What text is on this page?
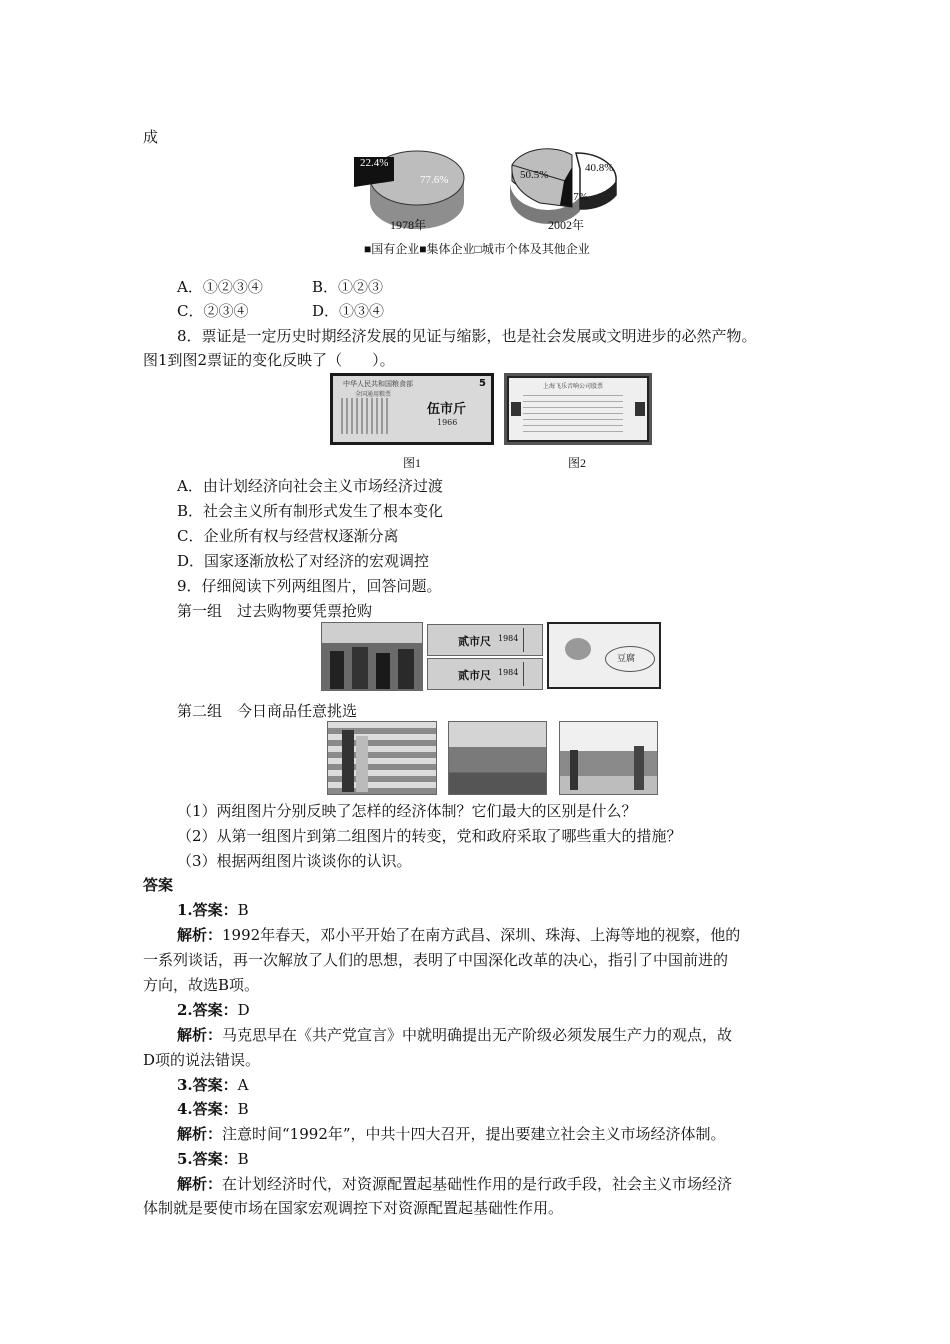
成
22.4%
77.6%
1978年
50.5%
8.7%
40.8%
2002年
■国有企业■集体企业□城市个体及其他企业
A．①②③④	B．①②③
C．②③④	D．①③④
8．票证是一定历史时期经济发展的见证与缩影，也是社会发展或文明进步的必然产物。
图1到图2票证的变化反映了（　　）。
中华人民共和国粮食部
全国通用粮票
5
伍市斤
1966
上海飞乐音响公司股票
图1	图2
A．由计划经济向社会主义市场经济过渡
B．社会主义所有制形式发生了根本变化
C．企业所有权与经营权逐渐分离
D．国家逐渐放松了对经济的宏观调控
9．仔细阅读下列两组图片，回答问题。
第一组　过去购物要凭票抢购
贰市尺 1984
贰市尺 1984
豆腐
第二组　今日商品任意挑选
（1）两组图片分别反映了怎样的经济体制？它们最大的区别是什么？
（2）从第一组图片到第二组图片的转变，党和政府采取了哪些重大的措施？
（3）根据两组图片谈谈你的认识。
答案
1.答案：B
解析：1992年春天，邓小平开始了在南方武昌、深圳、珠海、上海等地的视察，他的
一系列谈话，再一次解放了人们的思想，表明了中国深化改革的决心，指引了中国前进的
方向，故选B项。
2.答案：D
解析：马克思早在《共产党宣言》中就明确提出无产阶级必须发展生产力的观点，故
D项的说法错误。
3.答案：A
4.答案：B
解析：注意时间“1992年”，中共十四大召开，提出要建立社会主义市场经济体制。
5.答案：B
解析：在计划经济时代，对资源配置起基础性作用的是行政手段，社会主义市场经济
体制就是要使市场在国家宏观调控下对资源配置起基础性作用。
